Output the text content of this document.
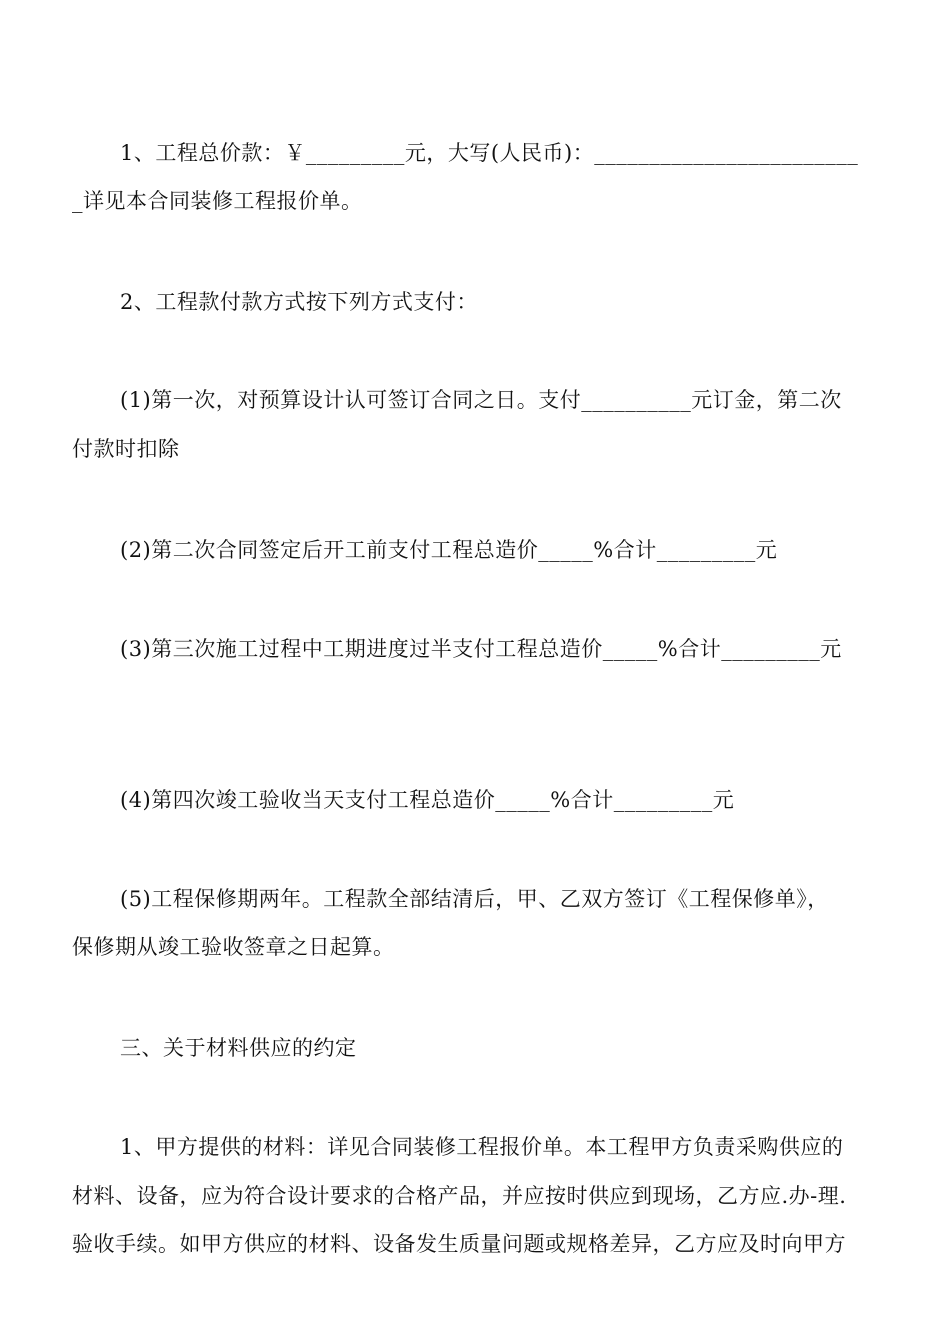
1、工程总价款：￥_________元，大写(人民币)：________________________
_详见本合同装修工程报价单。
2、工程款付款方式按下列方式支付：
(1)第一次，对预算设计认可签订合同之日。支付__________元订金，第二次
付款时扣除
(2)第二次合同签定后开工前支付工程总造价_____%合计_________元
(3)第三次施工过程中工期进度过半支付工程总造价_____%合计_________元
(4)第四次竣工验收当天支付工程总造价_____%合计_________元
(5)工程保修期两年。工程款全部结清后，甲、乙双方签订《工程保修单》，
保修期从竣工验收签章之日起算。
三、关于材料供应的约定
1、甲方提供的材料：详见合同装修工程报价单。本工程甲方负责采购供应的
材料、设备，应为符合设计要求的合格产品，并应按时供应到现场，乙方应.办-理.
验收手续。如甲方供应的材料、设备发生质量问题或规格差异，乙方应及时向甲方
